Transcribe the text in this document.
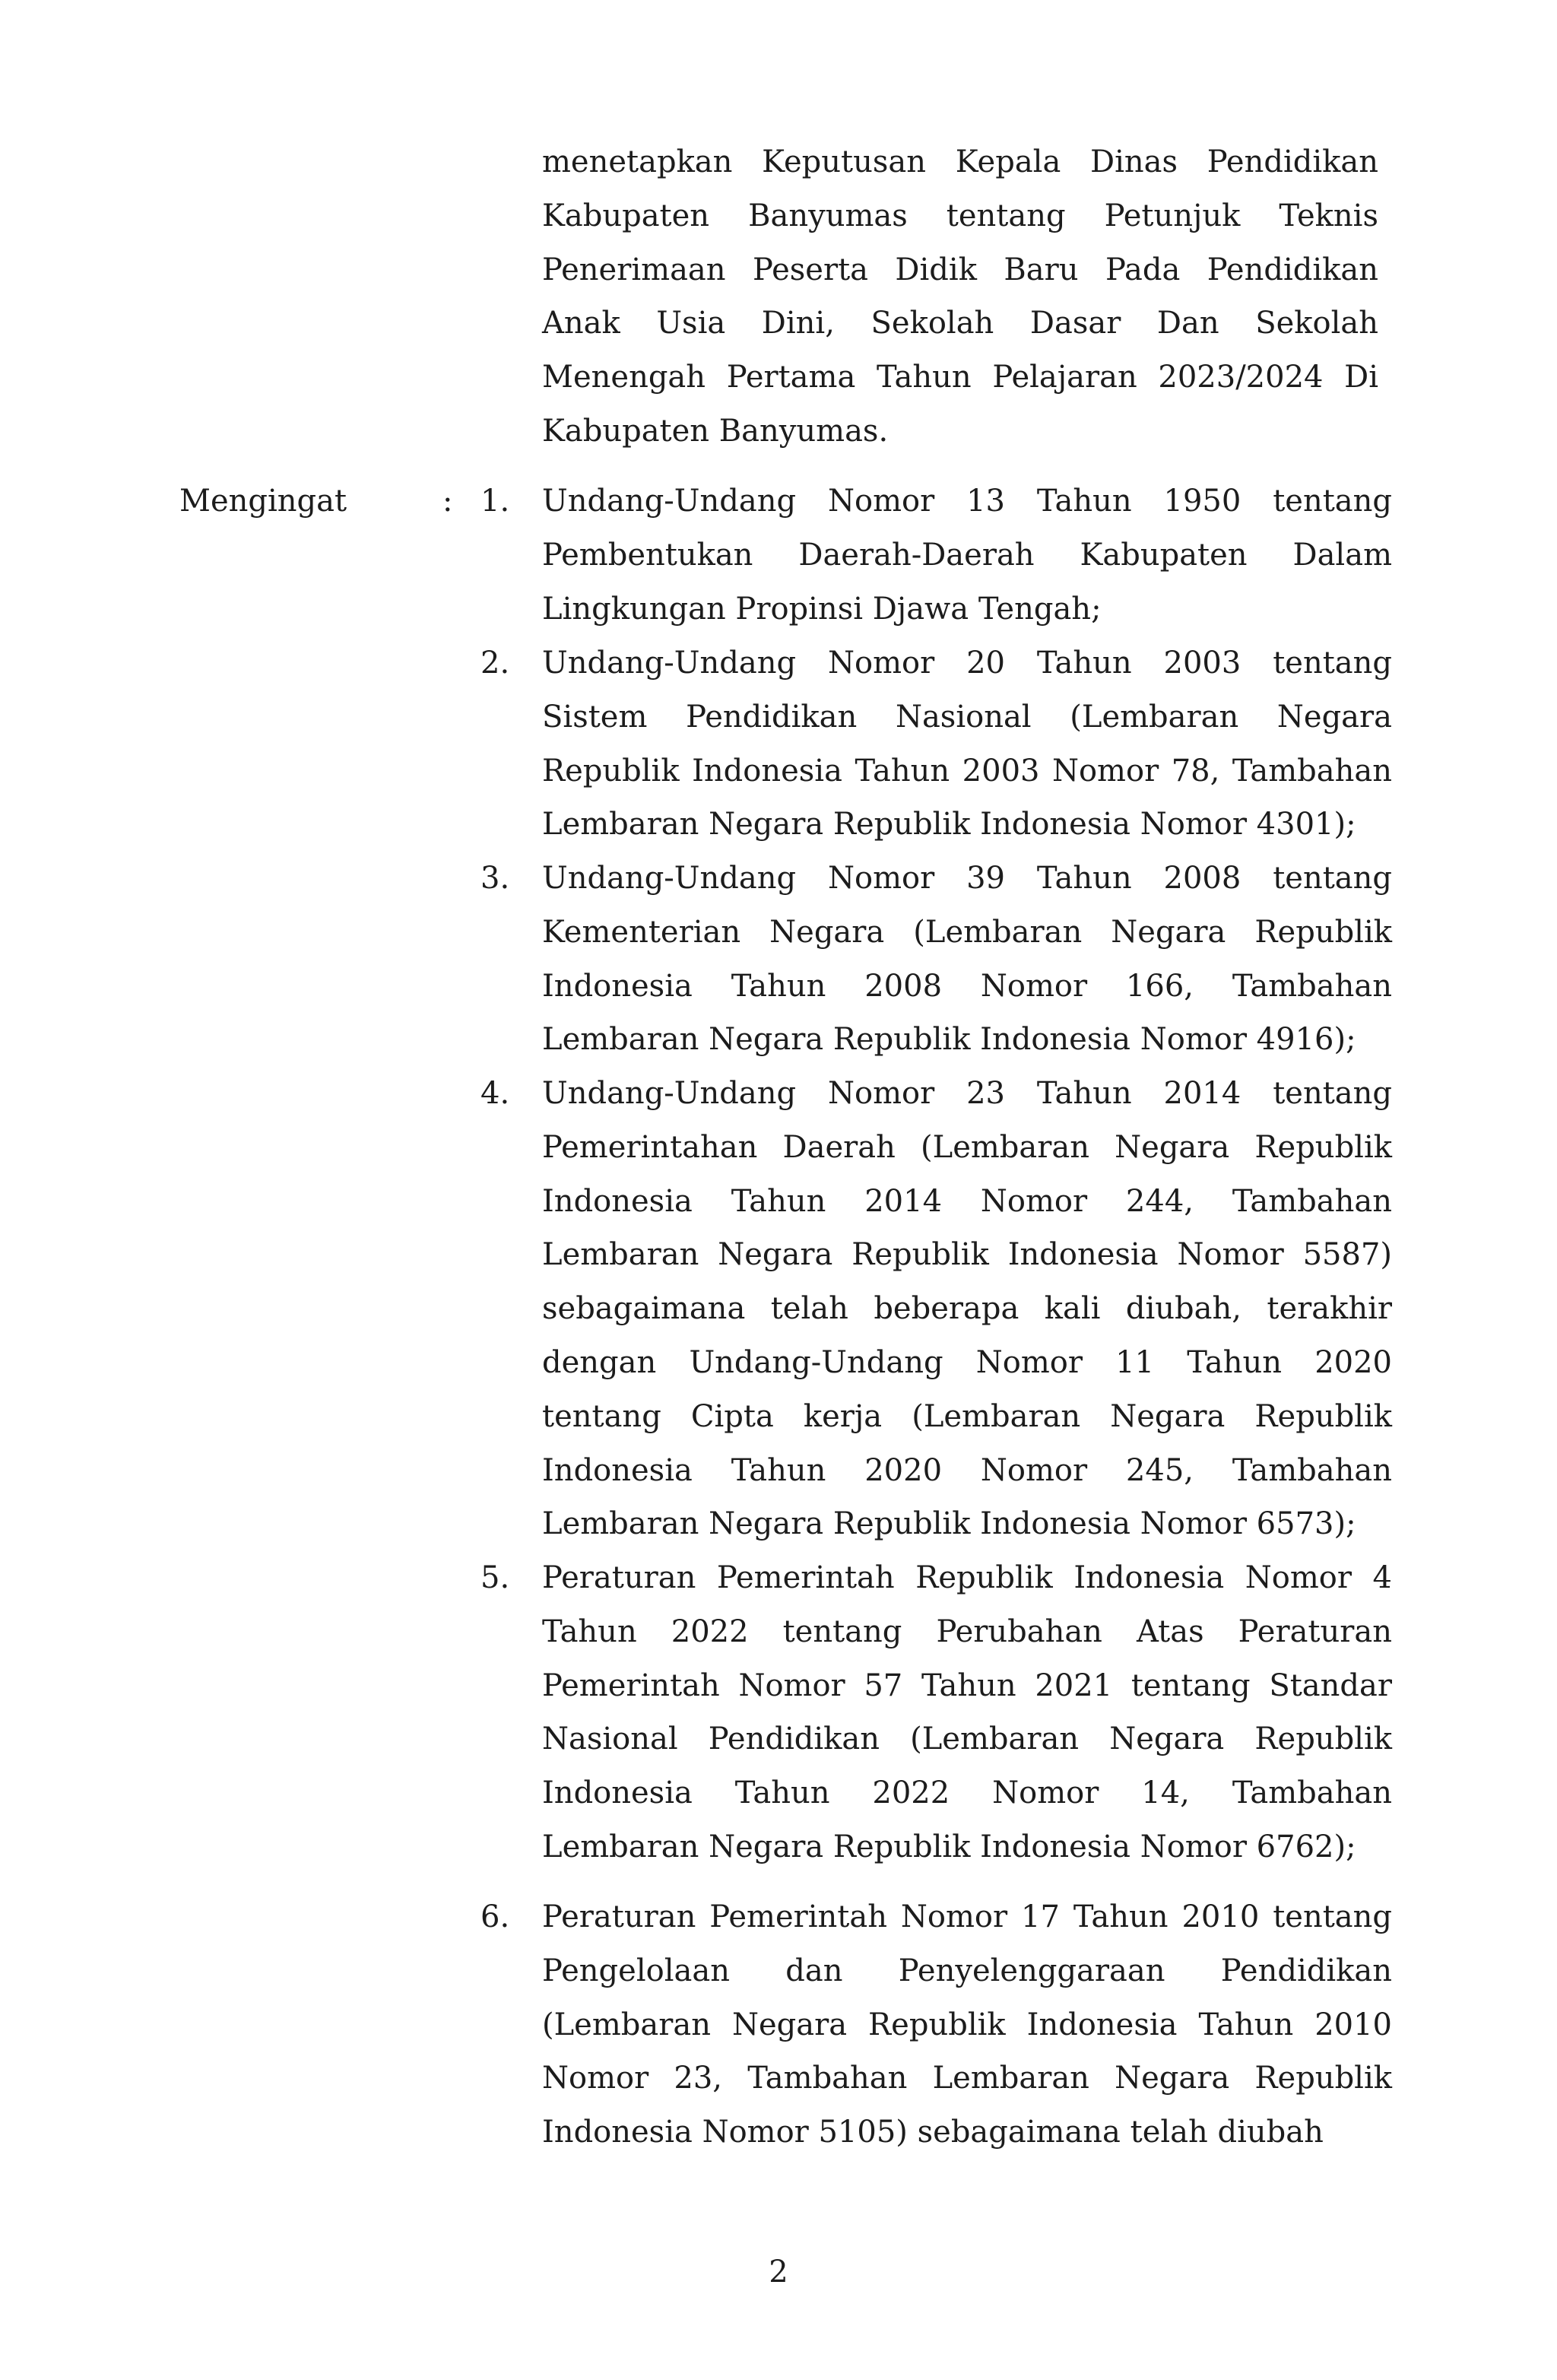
menetapkan Keputusan Kepala Dinas Pendidikan Kabupaten Banyumas tentang Petunjuk Teknis Penerimaan Peserta Didik Baru Pada Pendidikan Anak Usia Dini, Sekolah Dasar Dan Sekolah Menengah Pertama Tahun Pelajaran 2023/2024 Di Kabupaten Banyumas.
Mengingat	: 1. Undang-Undang Nomor 13 Tahun 1950 tentang Pembentukan Daerah-Daerah Kabupaten Dalam Lingkungan Propinsi Djawa Tengah;
2. Undang-Undang Nomor 20 Tahun 2003 tentang Sistem Pendidikan Nasional (Lembaran Negara Republik Indonesia Tahun 2003 Nomor 78, Tambahan Lembaran Negara Republik Indonesia Nomor 4301);
3. Undang-Undang Nomor 39 Tahun 2008 tentang Kementerian Negara (Lembaran Negara Republik Indonesia Tahun 2008 Nomor 166, Tambahan Lembaran Negara Republik Indonesia Nomor 4916);
4. Undang-Undang Nomor 23 Tahun 2014 tentang Pemerintahan Daerah (Lembaran Negara Republik Indonesia Tahun 2014 Nomor 244, Tambahan Lembaran Negara Republik Indonesia Nomor 5587) sebagaimana telah beberapa kali diubah, terakhir dengan Undang-Undang Nomor 11 Tahun 2020 tentang Cipta kerja (Lembaran Negara Republik Indonesia Tahun 2020 Nomor 245, Tambahan Lembaran Negara Republik Indonesia Nomor 6573);
5. Peraturan Pemerintah Republik Indonesia Nomor 4 Tahun 2022 tentang Perubahan Atas Peraturan Pemerintah Nomor 57 Tahun 2021 tentang Standar Nasional Pendidikan (Lembaran Negara Republik Indonesia Tahun 2022 Nomor 14, Tambahan Lembaran Negara Republik Indonesia Nomor 6762);
6. Peraturan Pemerintah Nomor 17 Tahun 2010 tentang Pengelolaan dan Penyelenggaraan Pendidikan (Lembaran Negara Republik Indonesia Tahun 2010 Nomor 23, Tambahan Lembaran Negara Republik Indonesia Nomor 5105) sebagaimana telah diubah
2
